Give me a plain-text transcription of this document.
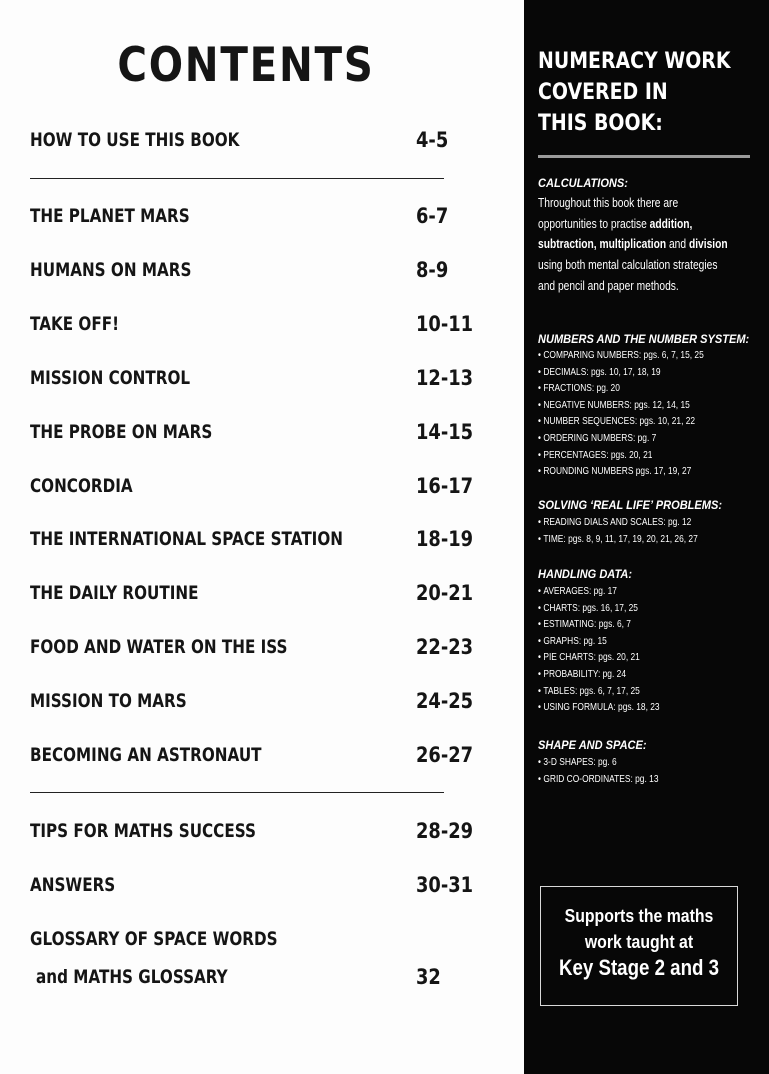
CONTENTS
HOW TO USE THIS BOOK	4-5
THE PLANET MARS	6-7
HUMANS ON MARS	8-9
TAKE OFF!	10-11
MISSION CONTROL	12-13
THE PROBE ON MARS	14-15
CONCORDIA	16-17
THE INTERNATIONAL SPACE STATION	18-19
THE DAILY ROUTINE	20-21
FOOD AND WATER ON THE ISS	22-23
MISSION TO MARS	24-25
BECOMING AN ASTRONAUT	26-27
TIPS FOR MATHS SUCCESS	28-29
ANSWERS	30-31
GLOSSARY OF SPACE WORDS
and MATHS GLOSSARY	32
NUMERACY WORK
COVERED IN
THIS BOOK:
CALCULATIONS:

Throughout this book there are opportunities to practise addition, subtraction, multiplication and division using both mental calculation strategies and pencil and paper methods.

NUMBERS AND THE NUMBER SYSTEM:
• COMPARING NUMBERS: pgs. 6, 7, 15, 25
• DECIMALS: pgs. 10, 17, 18, 19
• FRACTIONS: pg. 20
• NEGATIVE NUMBERS: pgs. 12, 14, 15
• NUMBER SEQUENCES: pgs. 10, 21, 22
• ORDERING NUMBERS: pg. 7
• PERCENTAGES: pgs. 20, 21
• ROUNDING NUMBERS pgs. 17, 19, 27
SOLVING ‘REAL LIFE’ PROBLEMS:
• READING DIALS AND SCALES: pg. 12
• TIME: pgs. 8, 9, 11, 17, 19, 20, 21, 26, 27
HANDLING DATA:
• AVERAGES: pg. 17
• CHARTS: pgs. 16, 17, 25
• ESTIMATING: pgs. 6, 7
• GRAPHS: pg. 15
• PIE CHARTS: pgs. 20, 21
• PROBABILITY: pg. 24
• TABLES: pgs. 6, 7, 17, 25
• USING FORMULA: pgs. 18, 23
SHAPE AND SPACE:
• 3-D SHAPES: pg. 6
• GRID CO-ORDINATES: pg. 13
Supports the maths
work taught at
Key Stage 2 and 3
